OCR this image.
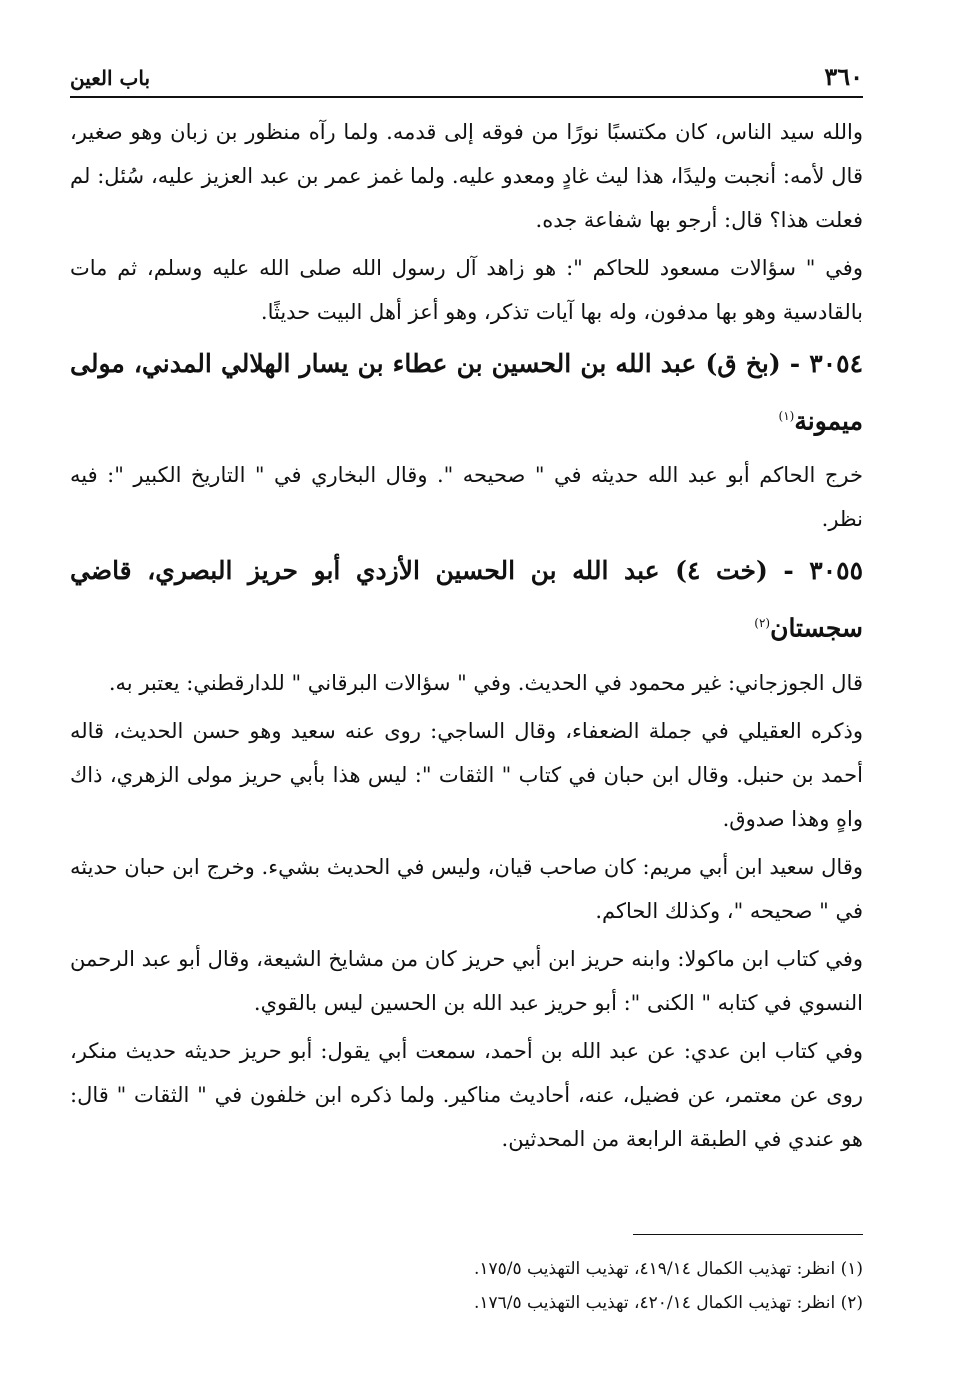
٣٦٠
باب العين

والله سيد الناس، كان مكتسبًا نورًا من فوقه إلى قدمه. ولما رآه منظور بن زبان وهو صغير، قال لأمه: أنجبت وليدًا، هذا ليث غادٍ ومعدو عليه. ولما غمز عمر بن عبد العزيز عليه، سُئل: لم فعلت هذا؟ قال: أرجو بها شفاعة جده.

وفي " سؤالات مسعود للحاكم ": هو زاهد آل رسول الله صلى الله عليه وسلم، ثم مات بالقادسية وهو بها مدفون، وله بها آيات تذكر، وهو أعز أهل البيت حديثًا.

٣٠٥٤ - (بخ ق) عبد الله بن الحسين بن عطاء بن يسار الهلالي المدني، مولى ميمونة$^{(١)}$

خرج الحاكم أبو عبد الله حديثه في " صحيحه ". وقال البخاري في " التاريخ الكبير ": فيه نظر.

٣٠٥٥ - (خت ٤) عبد الله بن الحسين الأزدي أبو حريز البصري، قاضي سجستان$^{(٢)}$

قال الجوزجاني: غير محمود في الحديث. وفي " سؤالات البرقاني " للدارقطني: يعتبر به.

وذكره العقيلي في جملة الضعفاء، وقال الساجي: روى عنه سعيد وهو حسن الحديث، قاله أحمد بن حنبل. وقال ابن حبان في كتاب " الثقات ": ليس هذا بأبي حريز مولى الزهري، ذاك واهٍ وهذا صدوق.

وقال سعيد ابن أبي مريم: كان صاحب قيان، وليس في الحديث بشيء. وخرج ابن حبان حديثه في " صحيحه "، وكذلك الحاكم.

وفي كتاب ابن ماكولا: وابنه حريز ابن أبي حريز كان من مشايخ الشيعة، وقال أبو عبد الرحمن النسوي في كتابه " الكنى ": أبو حريز عبد الله بن الحسين ليس بالقوي.

وفي كتاب ابن عدي: عن عبد الله بن أحمد، سمعت أبي يقول: أبو حريز حديثه حديث منكر، روى عن معتمر، عن فضيل، عنه، أحاديث مناكير. ولما ذكره ابن خلفون في " الثقات " قال: هو عندي في الطبقة الرابعة من المحدثين.

(١) انظر: تهذيب الكمال ٤١٩/١٤، تهذيب التهذيب ١٧٥/٥.

(٢) انظر: تهذيب الكمال ٤٢٠/١٤، تهذيب التهذيب ١٧٦/٥.
